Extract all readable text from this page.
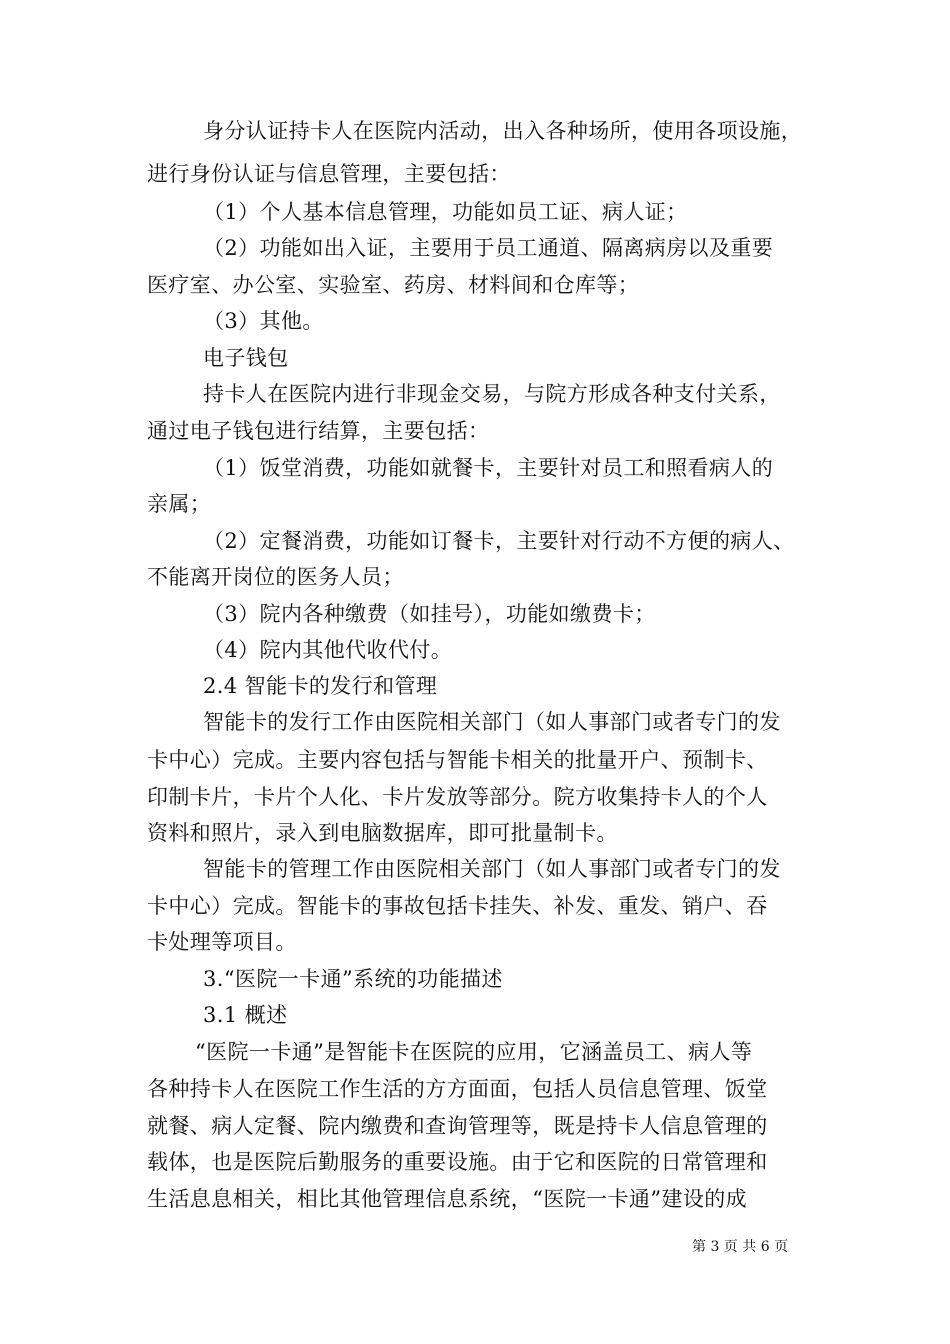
身分认证持卡人在医院内活动，出入各种场所，使用各项设施，
进行身份认证与信息管理，主要包括：
（1）个人基本信息管理，功能如员工证、病人证；
（2）功能如出入证，主要用于员工通道、隔离病房以及重要
医疗室、办公室、实验室、药房、材料间和仓库等；
（3）其他。
电子钱包
持卡人在医院内进行非现金交易，与院方形成各种支付关系，
通过电子钱包进行结算，主要包括：
（1）饭堂消费，功能如就餐卡，主要针对员工和照看病人的
亲属；
（2）定餐消费，功能如订餐卡，主要针对行动不方便的病人、
不能离开岗位的医务人员；
（3）院内各种缴费（如挂号），功能如缴费卡；
（4）院内其他代收代付。
2.4 智能卡的发行和管理
智能卡的发行工作由医院相关部门（如人事部门或者专门的发
卡中心）完成。主要内容包括与智能卡相关的批量开户、预制卡、
印制卡片，卡片个人化、卡片发放等部分。院方收集持卡人的个人
资料和照片，录入到电脑数据库，即可批量制卡。
智能卡的管理工作由医院相关部门（如人事部门或者专门的发
卡中心）完成。智能卡的事故包括卡挂失、补发、重发、销户、吞
卡处理等项目。
3.“医院一卡通”系统的功能描述
3.1 概述
“医院一卡通”是智能卡在医院的应用，它涵盖员工、病人等
各种持卡人在医院工作生活的方方面面，包括人员信息管理、饭堂
就餐、病人定餐、院内缴费和查询管理等，既是持卡人信息管理的
载体，也是医院后勤服务的重要设施。由于它和医院的日常管理和
生活息息相关，相比其他管理信息系统，“医院一卡通”建设的成
第 3 页 共 6 页
